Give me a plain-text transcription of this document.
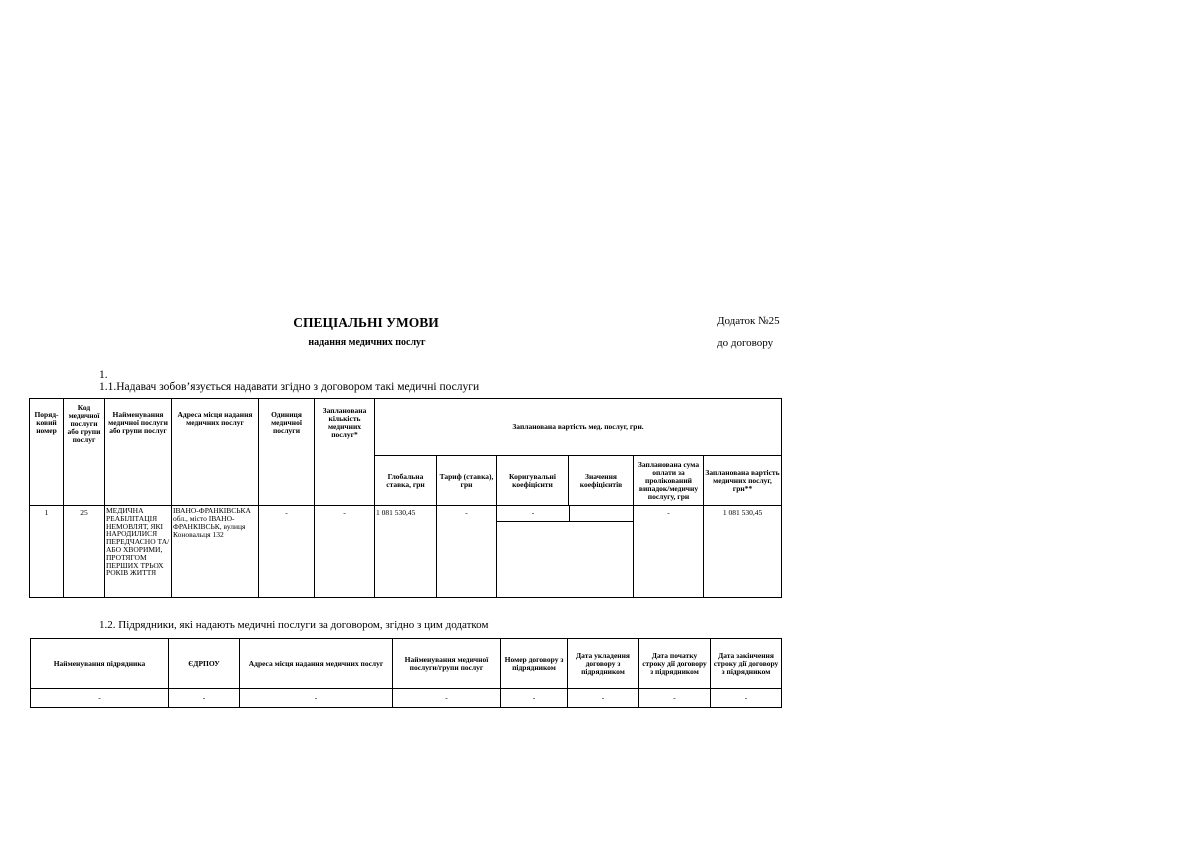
СПЕЦІАЛЬНІ УМОВИ
надання медичних послуг
Додаток №25
до договору
1.
1.1.Надавач зобов’язується надавати згідно з договором такі медичні послуги
Поряд-ковий номер	Код медичної послуги або групи послуг	Найменування медичної послуги або групи послуг	Адреса місця надання медичних послуг	Одиниця медичної послуги	Запланована кількість медичних послуг*	Запланована вартість мед. послуг, грн.					
						Глобальна ставка, грн	Тариф (ставка), грн	Коригувальні коефіцієнти	Значення коефіцієнтів	Запланована сума оплати за пролікований випадок/медичну послугу, грн	Запланована вартість медичних послуг, грн**
1	25	МЕДИЧНА РЕАБІЛІТАЦІЯ НЕМОВЛЯТ, ЯКІ НАРОДИЛИСЯ ПЕРЕДЧАСНО ТА/АБО ХВОРИМИ, ПРОТЯГОМ ПЕРШИХ ТРЬОХ РОКІВ ЖИТТЯ	ІВАНО-ФРАНКІВСЬКА обл., місто ІВАНО-ФРАНКІВСЬК, вулиця Коновальця 132	-	-	1 081 530,45	-	-		-	1 081 530,45
1.2. Підрядники, які надають медичні послуги за договором, згідно з цим додатком
Найменування підрядника	ЄДРПОУ	Адреса місця надання медичних послуг	Найменування медичної послуги/групи послуг	Номер договору з підрядником	Дата укладення договору з підрядником	Дата початку строку дії договору з підрядником	Дата закінчення строку дії договору з підрядником
-	-	-	-	-	-	-	-
